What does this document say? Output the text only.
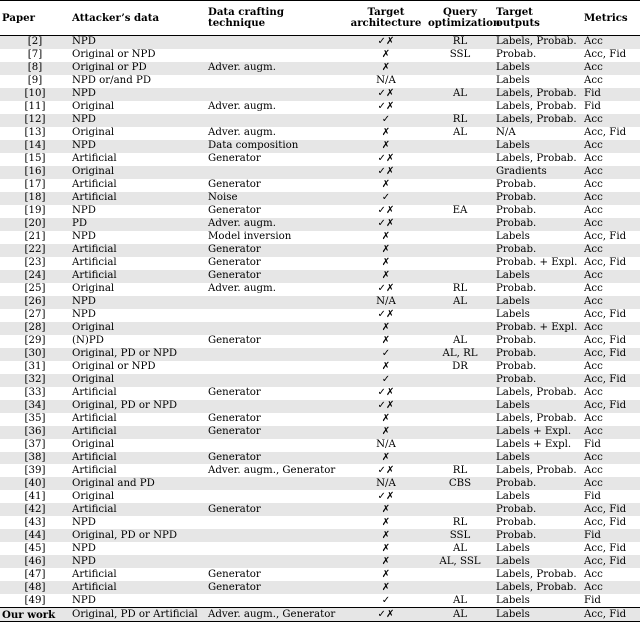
Paper	Attacker’s data	Data crafting technique	Target architecture	Query optimization	Target outputs	Metrics
[2]	NPD		✓✗	RL	Labels, Probab.	Acc
[7]	Original or NPD		✗	SSL	Probab.	Acc, Fid
[8]	Original or PD	Adver. augm.	✗		Labels	Acc
[9]	NPD or/and PD		N/A		Labels	Acc
[10]	NPD		✓✗	AL	Labels, Probab.	Fid
[11]	Original	Adver. augm.	✓✗		Labels, Probab.	Fid
[12]	NPD		✓	RL	Labels, Probab.	Acc
[13]	Original	Adver. augm.	✗	AL	N/A	Acc, Fid
[14]	NPD	Data composition	✗		Labels	Acc
[15]	Artificial	Generator	✓✗		Labels, Probab.	Acc
[16]	Original		✓✗		Gradients	Acc
[17]	Artificial	Generator	✗		Probab.	Acc
[18]	Artificial	Noise	✓		Probab.	Acc
[19]	NPD	Generator	✓✗	EA	Probab.	Acc
[20]	PD	Adver. augm.	✓✗		Probab.	Acc
[21]	NPD	Model inversion	✗		Labels	Acc, Fid
[22]	Artificial	Generator	✗		Probab.	Acc
[23]	Artificial	Generator	✗		Probab. + Expl.	Acc, Fid
[24]	Artificial	Generator	✗		Labels	Acc
[25]	Original	Adver. augm.	✓✗	RL	Probab.	Acc
[26]	NPD		N/A	AL	Labels	Acc
[27]	NPD		✓✗		Labels	Acc, Fid
[28]	Original		✗		Probab. + Expl.	Acc
[29]	(N)PD	Generator	✗	AL	Probab.	Acc, Fid
[30]	Original, PD or NPD		✓	AL, RL	Probab.	Acc, Fid
[31]	Original or NPD		✗	DR	Probab.	Acc
[32]	Original		✓		Probab.	Acc, Fid
[33]	Artificial	Generator	✓✗		Labels, Probab.	Acc
[34]	Original, PD or NPD		✓✗		Labels	Acc, Fid
[35]	Artificial	Generator	✗		Labels, Probab.	Acc
[36]	Artificial	Generator	✗		Labels + Expl.	Acc
[37]	Original		N/A		Labels + Expl.	Fid
[38]	Artificial	Generator	✗		Labels	Acc
[39]	Artificial	Adver. augm., Generator	✓✗	RL	Labels, Probab.	Acc
[40]	Original and PD		N/A	CBS	Probab.	Acc
[41]	Original		✓✗		Labels	Fid
[42]	Artificial	Generator	✗		Probab.	Acc, Fid
[43]	NPD		✗	RL	Probab.	Acc, Fid
[44]	Original, PD or NPD		✗	SSL	Probab.	Fid
[45]	NPD		✗	AL	Labels	Acc, Fid
[46]	NPD		✗	AL, SSL	Labels	Acc, Fid
[47]	Artificial	Generator	✗		Labels, Probab.	Acc
[48]	Artificial	Generator	✗		Labels, Probab.	Acc
[49]	NPD		✓	AL	Labels	Fid
Our work	Original, PD or Artificial	Adver. augm., Generator	✓✗	AL	Labels	Acc, Fid
